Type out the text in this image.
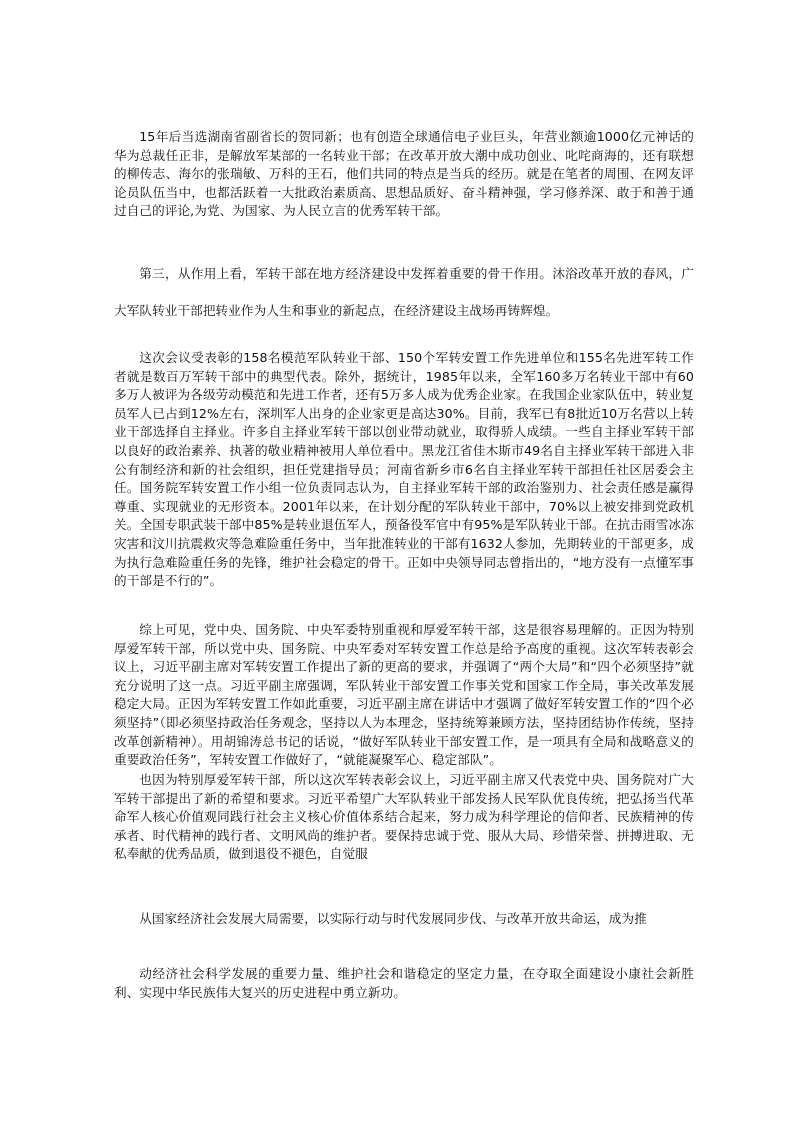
15年后当选湖南省副省长的贺同新；也有创造全球通信电子业巨头，年营业额逾1000亿元神话的华为总裁任正非，是解放军某部的一名转业干部；在改革开放大潮中成功创业、叱咤商海的，还有联想的柳传志、海尔的张瑞敏、万科的王石，他们共同的特点是当兵的经历。就是在笔者的周围、在网友评论员队伍当中，也都活跃着一大批政治素质高、思想品质好、奋斗精神强，学习修养深、敢于和善于通过自己的评论,为党、为国家、为人民立言的优秀军转干部。

第三，从作用上看，军转干部在地方经济建设中发挥着重要的骨干作用。沐浴改革开放的春风，广大军队转业干部把转业作为人生和事业的新起点，在经济建设主战场再铸辉煌。

这次会议受表彰的158名模范军队转业干部、150个军转安置工作先进单位和155名先进军转工作者就是数百万军转干部中的典型代表。除外，据统计，1985年以来，全军160多万名转业干部中有60多万人被评为各级劳动模范和先进工作者，还有5万多人成为优秀企业家。在我国企业家队伍中，转业复员军人已占到12%左右，深圳军人出身的企业家更是高达30%。目前，我军已有8批近10万名营以上转业干部选择自主择业。许多自主择业军转干部以创业带动就业，取得骄人成绩。一些自主择业军转干部以良好的政治素养、执著的敬业精神被用人单位看中。黑龙江省佳木斯市49名自主择业军转干部进入非公有制经济和新的社会组织，担任党建指导员；河南省新乡市6名自主择业军转干部担任社区居委会主任。国务院军转安置工作小组一位负责同志认为，自主择业军转干部的政治鉴别力、社会责任感是赢得尊重、实现就业的无形资本。2001年以来，在计划分配的军队转业干部中，70%以上被安排到党政机关。全国专职武装干部中85%是转业退伍军人，预备役军官中有95%是军队转业干部。在抗击雨雪冰冻灾害和汶川抗震救灾等急难险重任务中，当年批准转业的干部有1632人参加，先期转业的干部更多，成为执行急难险重任务的先锋，维护社会稳定的骨干。正如中央领导同志曾指出的，“地方没有一点懂军事的干部是不行的”。

综上可见，党中央、国务院、中央军委特别重视和厚爱军转干部，这是很容易理解的。正因为特别厚爱军转干部，所以党中央、国务院、中央军委对军转安置工作总是给予高度的重视。这次军转表彰会议上，习近平副主席对军转安置工作提出了新的更高的要求，并强调了“两个大局”和“四个必须坚持”就充分说明了这一点。习近平副主席强调，军队转业干部安置工作事关党和国家工作全局，事关改革发展稳定大局。正因为军转安置工作如此重要，习近平副主席在讲话中才强调了做好军转安置工作的“四个必须坚持”（即必须坚持政治任务观念，坚持以人为本理念，坚持统筹兼顾方法，坚持团结协作传统，坚持改革创新精神）。用胡锦涛总书记的话说，“做好军队转业干部安置工作，是一项具有全局和战略意义的重要政治任务”，军转安置工作做好了，“就能凝聚军心、稳定部队”。

也因为特别厚爱军转干部，所以这次军转表彰会议上，习近平副主席又代表党中央、国务院对广大军转干部提出了新的希望和要求。习近平希望广大军队转业干部发扬人民军队优良传统，把弘扬当代革命军人核心价值观同践行社会主义核心价值体系结合起来，努力成为科学理论的信仰者、民族精神的传承者、时代精神的践行者、文明风尚的维护者。要保持忠诚于党、服从大局、珍惜荣誉、拼搏进取、无私奉献的优秀品质，做到退役不褪色，自觉服

从国家经济社会发展大局需要，以实际行动与时代发展同步伐、与改革开放共命运，成为推

动经济社会科学发展的重要力量、维护社会和谐稳定的坚定力量，在夺取全面建设小康社会新胜利、实现中华民族伟大复兴的历史进程中勇立新功。
